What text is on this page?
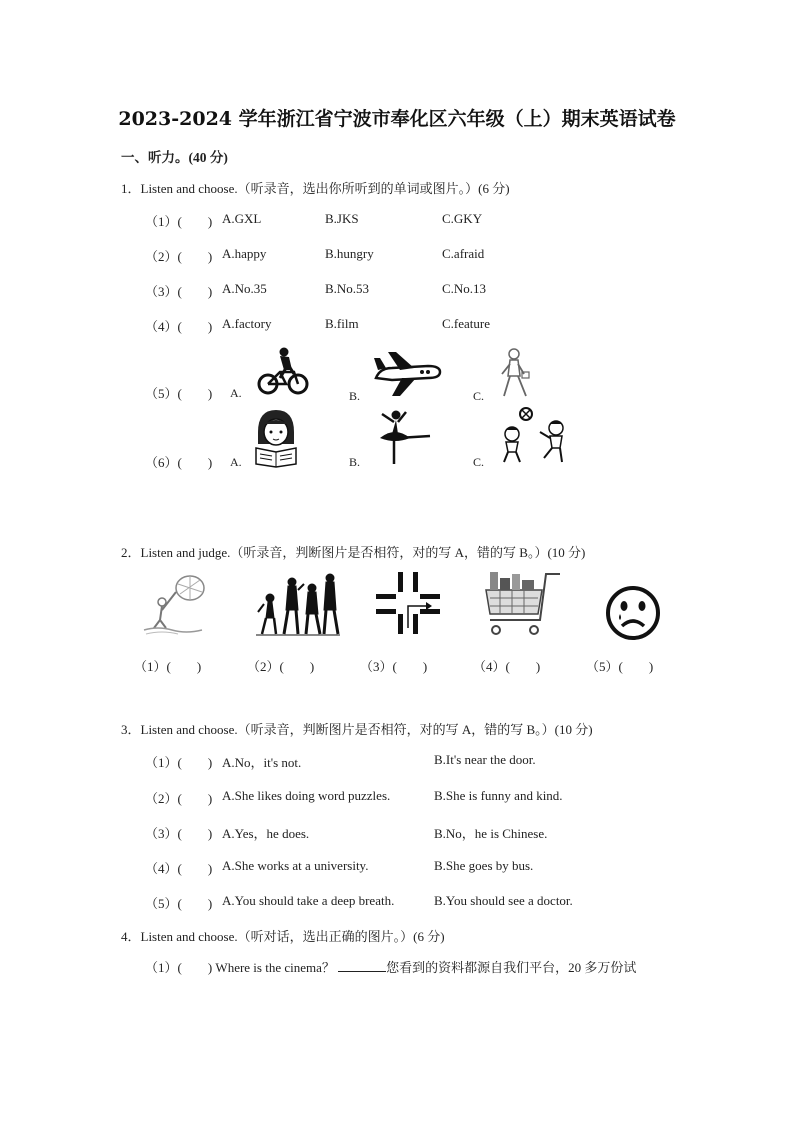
2023-2024 学年浙江省宁波市奉化区六年级（上）期末英语试卷
一、听力。(40 分)
1．Listen and choose.（听录音，选出你所听到的单词或图片。）(6 分)
（1）(　　) A.GXL	B.JKS	C.GKY
（2）(　　) A.happy	B.hungry	C.afraid
（3）(　　) A.No.35	B.No.53	C.No.13
（4）(　　) A.factory	B.film	C.feature
（5）(　　) A.	B.	C.
（6）(　　) A.	B.	C.
2．Listen and judge.（听录音，判断图片是否相符，对的写 A，错的写 B。）(10 分)
（1）(　　)	（2）(　　)	（3）(　　)	（4）(　　)	（5）(　　)
3．Listen and choose.（听录音，判断图片是否相符，对的写 A，错的写 B。）(10 分)
（1）(　　) A.No，it's not.	B.It's near the door.
（2）(　　) A.She likes doing word puzzles.	B.She is funny and kind.
（3）(　　) A.Yes，he does.	B.No，he is Chinese.
（4）(　　) A.She works at a university.	B.She goes by bus.
（5）(　　) A.You should take a deep breath.	B.You should see a doctor.
4．Listen and choose.（听对话，选出正确的图片。）(6 分)
（1）(　　) Where is the cinema？	您看到的资料都源自我们平台，20 多万份试
